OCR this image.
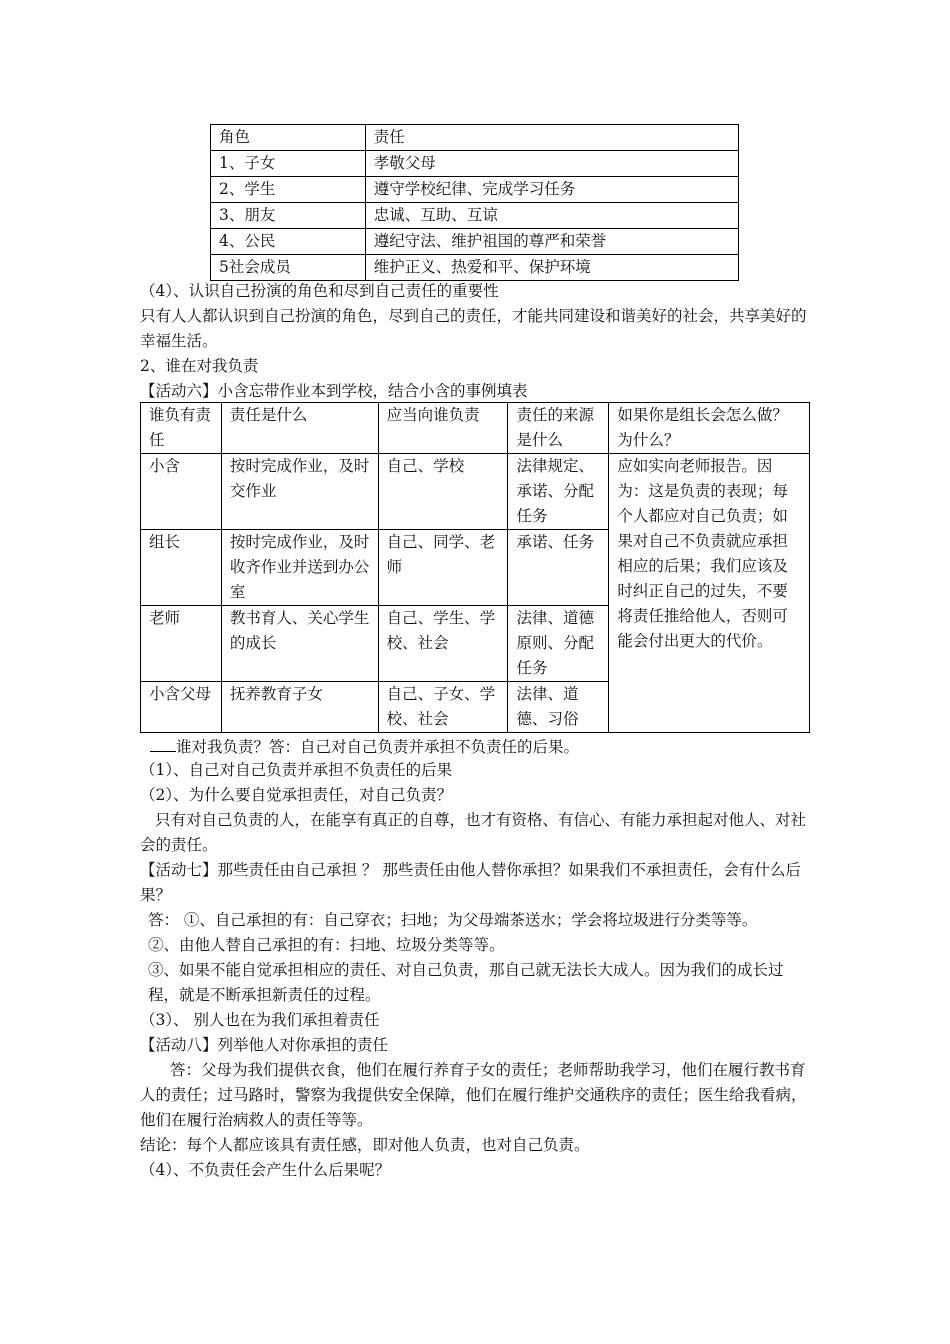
角色	责任
1、子女	孝敬父母
2、学生	遵守学校纪律、完成学习任务
3、朋友	忠诚、互助、互谅
4、公民	遵纪守法、维护祖国的尊严和荣誉
5社会成员	维护正义、热爱和平、保护环境
（4）、认识自己扮演的角色和尽到自己责任的重要性
只有人人都认识到自己扮演的角色，尽到自己的责任，才能共同建设和谐美好的社会，共享美好的幸福生活。
2、谁在对我负责
【活动六】小含忘带作业本到学校，结合小含的事例填表
谁负有责任	责任是什么	应当向谁负责	责任的来源是什么	如果你是组长会怎么做？为什么？
小含	按时完成作业，及时交作业	自己、学校	法律规定、承诺、分配任务	应如实向老师报告。因为：这是负责的表现；每个人都应对自己负责；如果对自己不负责就应承担相应的后果；我们应该及时纠正自己的过失，不要将责任推给他人，否则可能会付出更大的代价。
组长	按时完成作业，及时收齐作业并送到办公室	自己、同学、老师	承诺、任务	
老师	教书育人、关心学生的成长	自己、学生、学校、社会	法律、道德原则、分配任务	
小含父母	抚养教育子女	自己、子女、学校、社会	法律、道德、习俗	
谁对我负责？答：自己对自己负责并承担不负责任的后果。
（1）、自己对自己负责并承担不负责任的后果
（2）、为什么要自觉承担责任，对自己负责？
只有对自己负责的人，在能享有真正的自尊，也才有资格、有信心、有能力承担起对他人、对社会的责任。
【活动七】那些责任由自己承担 ？ 那些责任由他人替你承担？如果我们不承担责任，会有什么后果？
答： ①、自己承担的有：自己穿衣；扫地；为父母端茶送水；学会将垃圾进行分类等等。
②、由他人替自己承担的有：扫地、垃圾分类等等。
③、如果不能自觉承担相应的责任、对自己负责，那自己就无法长大成人。因为我们的成长过程，就是不断承担新责任的过程。
（3）、 别人也在为我们承担着责任
【活动八】列举他人对你承担的责任
答：父母为我们提供衣食，他们在履行养育子女的责任；老师帮助我学习，他们在履行教书育人的责任；过马路时，警察为我提供安全保障，他们在履行维护交通秩序的责任；医生给我看病，他们在履行治病救人的责任等等。
结论：每个人都应该具有责任感，即对他人负责，也对自己负责。
（4）、不负责任会产生什么后果呢？
